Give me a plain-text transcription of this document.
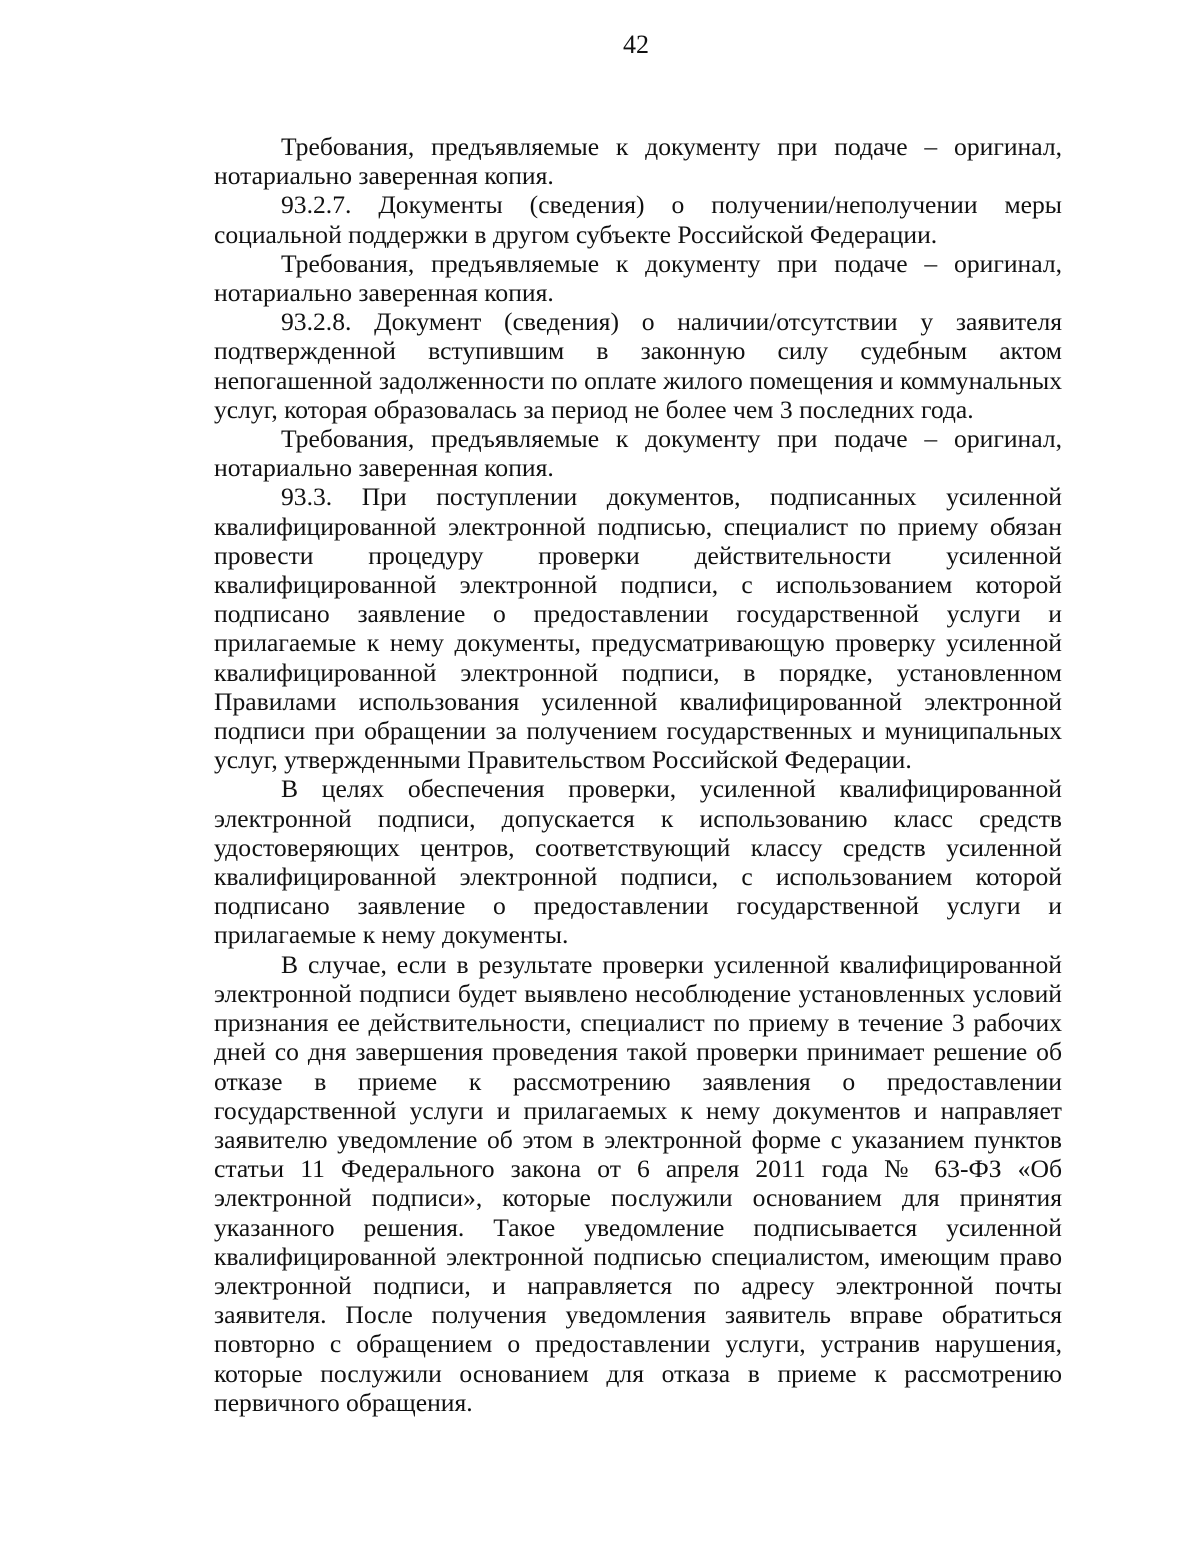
42

Требования, предъявляемые к документу при подаче – оригинал, нотариально заверенная копия.

93.2.7. Документы (сведения) о получении/неполучении меры социальной поддержки в другом субъекте Российской Федерации.

Требования, предъявляемые к документу при подаче – оригинал, нотариально заверенная копия.

93.2.8. Документ (сведения) о наличии/отсутствии у заявителя подтвержденной вступившим в законную силу судебным актом непогашенной задолженности по оплате жилого помещения и коммунальных услуг, которая образовалась за период не более чем 3 последних года.

Требования, предъявляемые к документу при подаче – оригинал, нотариально заверенная копия.

93.3. При поступлении документов, подписанных усиленной квалифицированной электронной подписью, специалист по приему обязан провести процедуру проверки действительности усиленной квалифицированной электронной подписи, с использованием которой подписано заявление о предоставлении государственной услуги и прилагаемые к нему документы, предусматривающую проверку усиленной квалифицированной электронной подписи, в порядке, установленном Правилами использования усиленной квалифицированной электронной подписи при обращении за получением государственных и муниципальных услуг, утвержденными Правительством Российской Федерации.

В целях обеспечения проверки, усиленной квалифицированной электронной подписи, допускается к использованию класс средств удостоверяющих центров, соответствующий классу средств усиленной квалифицированной электронной подписи, с использованием которой подписано заявление о предоставлении государственной услуги и прилагаемые к нему документы.

В случае, если в результате проверки усиленной квалифицированной электронной подписи будет выявлено несоблюдение установленных условий признания ее действительности, специалист по приему в течение 3 рабочих дней со дня завершения проведения такой проверки принимает решение об отказе в приеме к рассмотрению заявления о предоставлении государственной услуги и прилагаемых к нему документов и направляет заявителю уведомление об этом в электронной форме с указанием пунктов статьи 11 Федерального закона от 6 апреля 2011 года № 63-ФЗ «Об электронной подписи», которые послужили основанием для принятия указанного решения. Такое уведомление подписывается усиленной квалифицированной электронной подписью специалистом, имеющим право электронной подписи, и направляется по адресу электронной почты заявителя. После получения уведомления заявитель вправе обратиться повторно с обращением о предоставлении услуги, устранив нарушения, которые послужили основанием для отказа в приеме к рассмотрению первичного обращения.
